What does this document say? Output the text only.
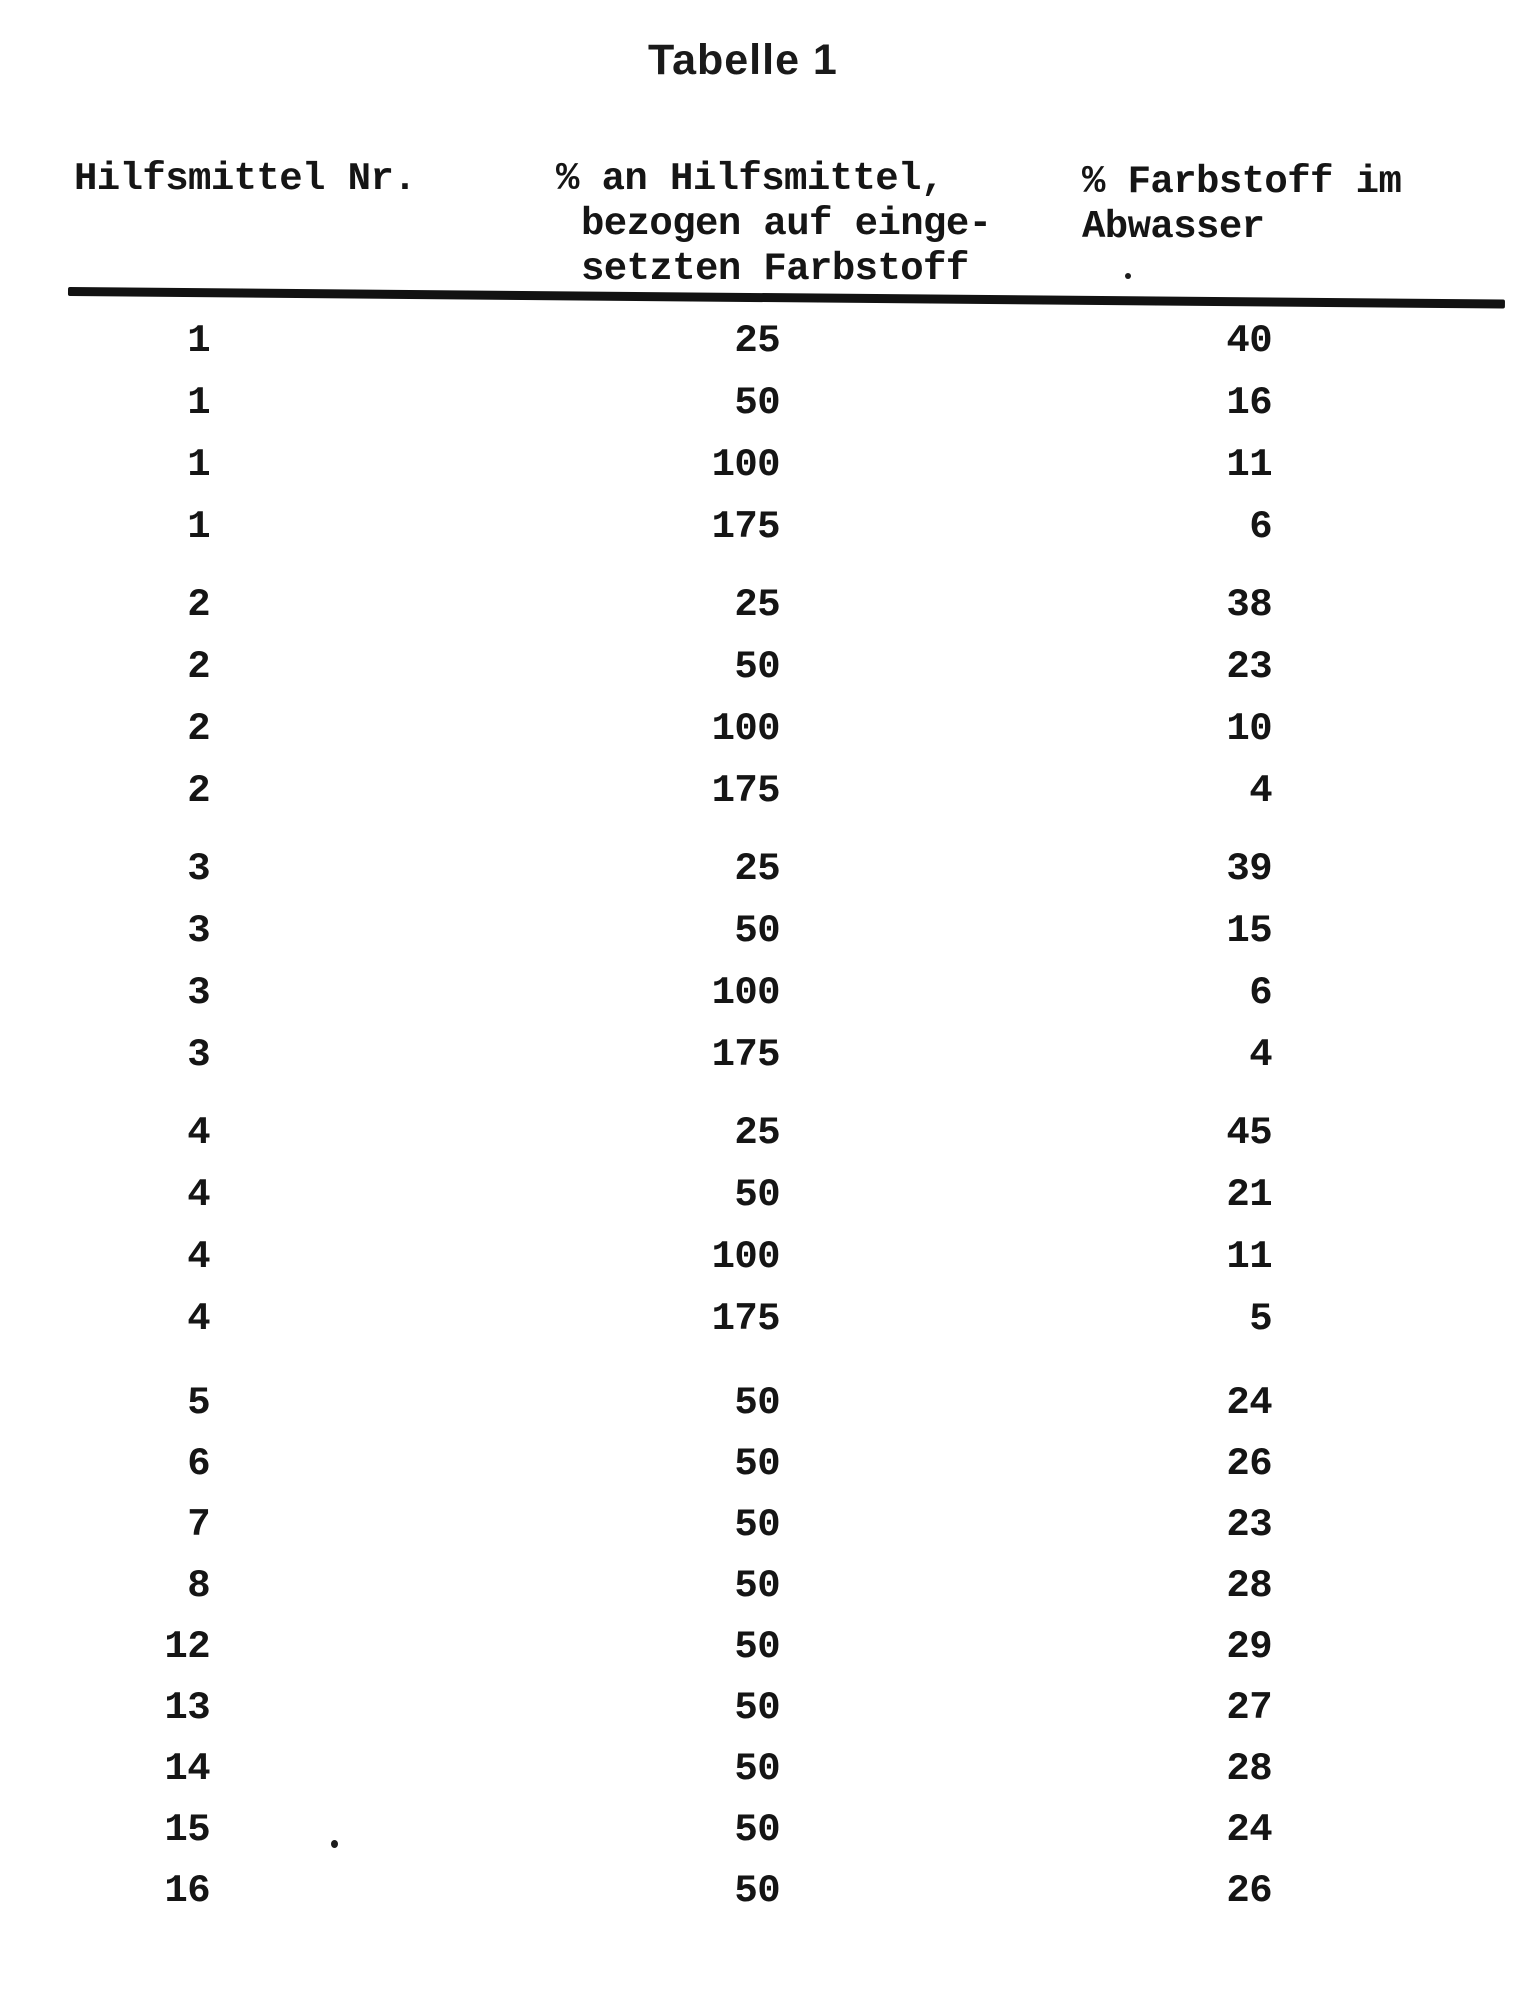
Tabelle 1
Hilfsmittel Nr.	% an Hilfsmittel,
bezogen auf einge-
setzten Farbstoff
% Farbstoff im
Abwasser
1	25	40
1	50	16
1	100	11
1	175	6
2	25	38
2	50	23
2	100	10
2	175	4
3	25	39
3	50	15
3	100	6
3	175	4
4	25	45
4	50	21
4	100	11
4	175	5
5	50	24
6	50	26
7	50	23
8	50	28
12	50	29
13	50	27
14	50	28
15	50	24
16	50	26
